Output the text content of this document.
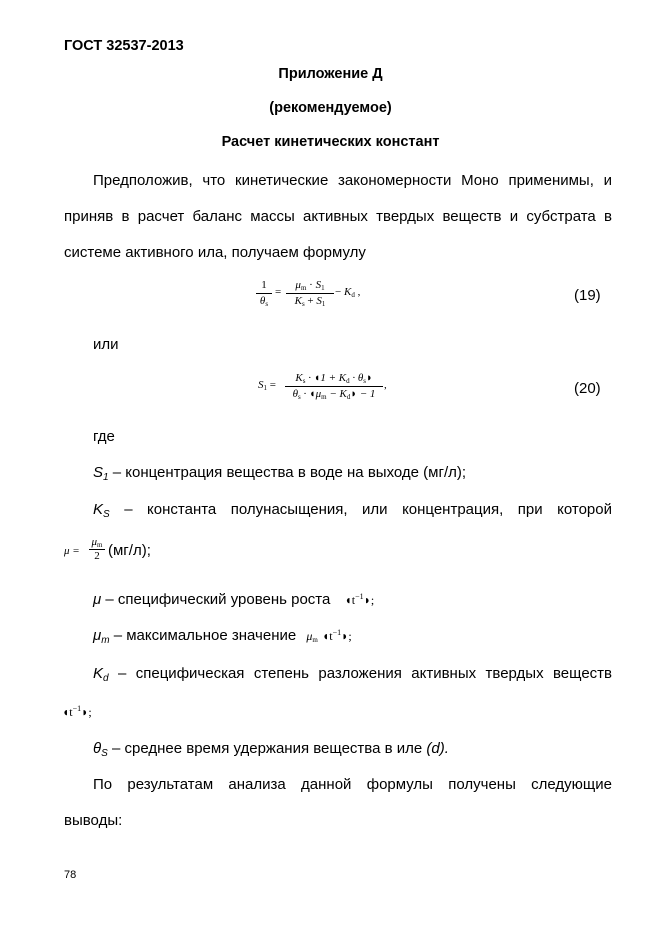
ГОСТ 32537-2013
Приложение Д
(рекомендуемое)
Расчет кинетических констант
Предположив, что кинетические закономерности Моно применимы, и
приняв в расчет баланс массы активных твердых веществ и субстрата в
системе активного ила, получаем формулу
1
$\theta_s$
=
$\mu_m \cdot S_1$
$K_s + S_1$
− $K_d$ ,	(19)
или
$S_1$ =
$K_s$ · ◖1 + $K_d$ · $\theta_s◗$
$\theta_s$ · $◖\mu_m$ − $K_d◗ - 1$
,	(20)
где
$S_1$ – концентрация вещества в воде на выходе (мг/л);
$K_S$ – константа полунасыщения, или концентрация, при которой
μ =
$\mu_m$
2 (мг/л);
μ – специфический уровень роста $◖t^{-1}◗$;
$\mu_m$ – максимальное значение $\mu_m$ $◖t^{-1}◗$;
$K_d$ – специфическая степень разложения активных твердых веществ
$◖t^{-1}◗$;
$\theta_S$ – среднее время удержания вещества в иле (d).
По результатам анализа данной формулы получены следующие
выводы:
78
